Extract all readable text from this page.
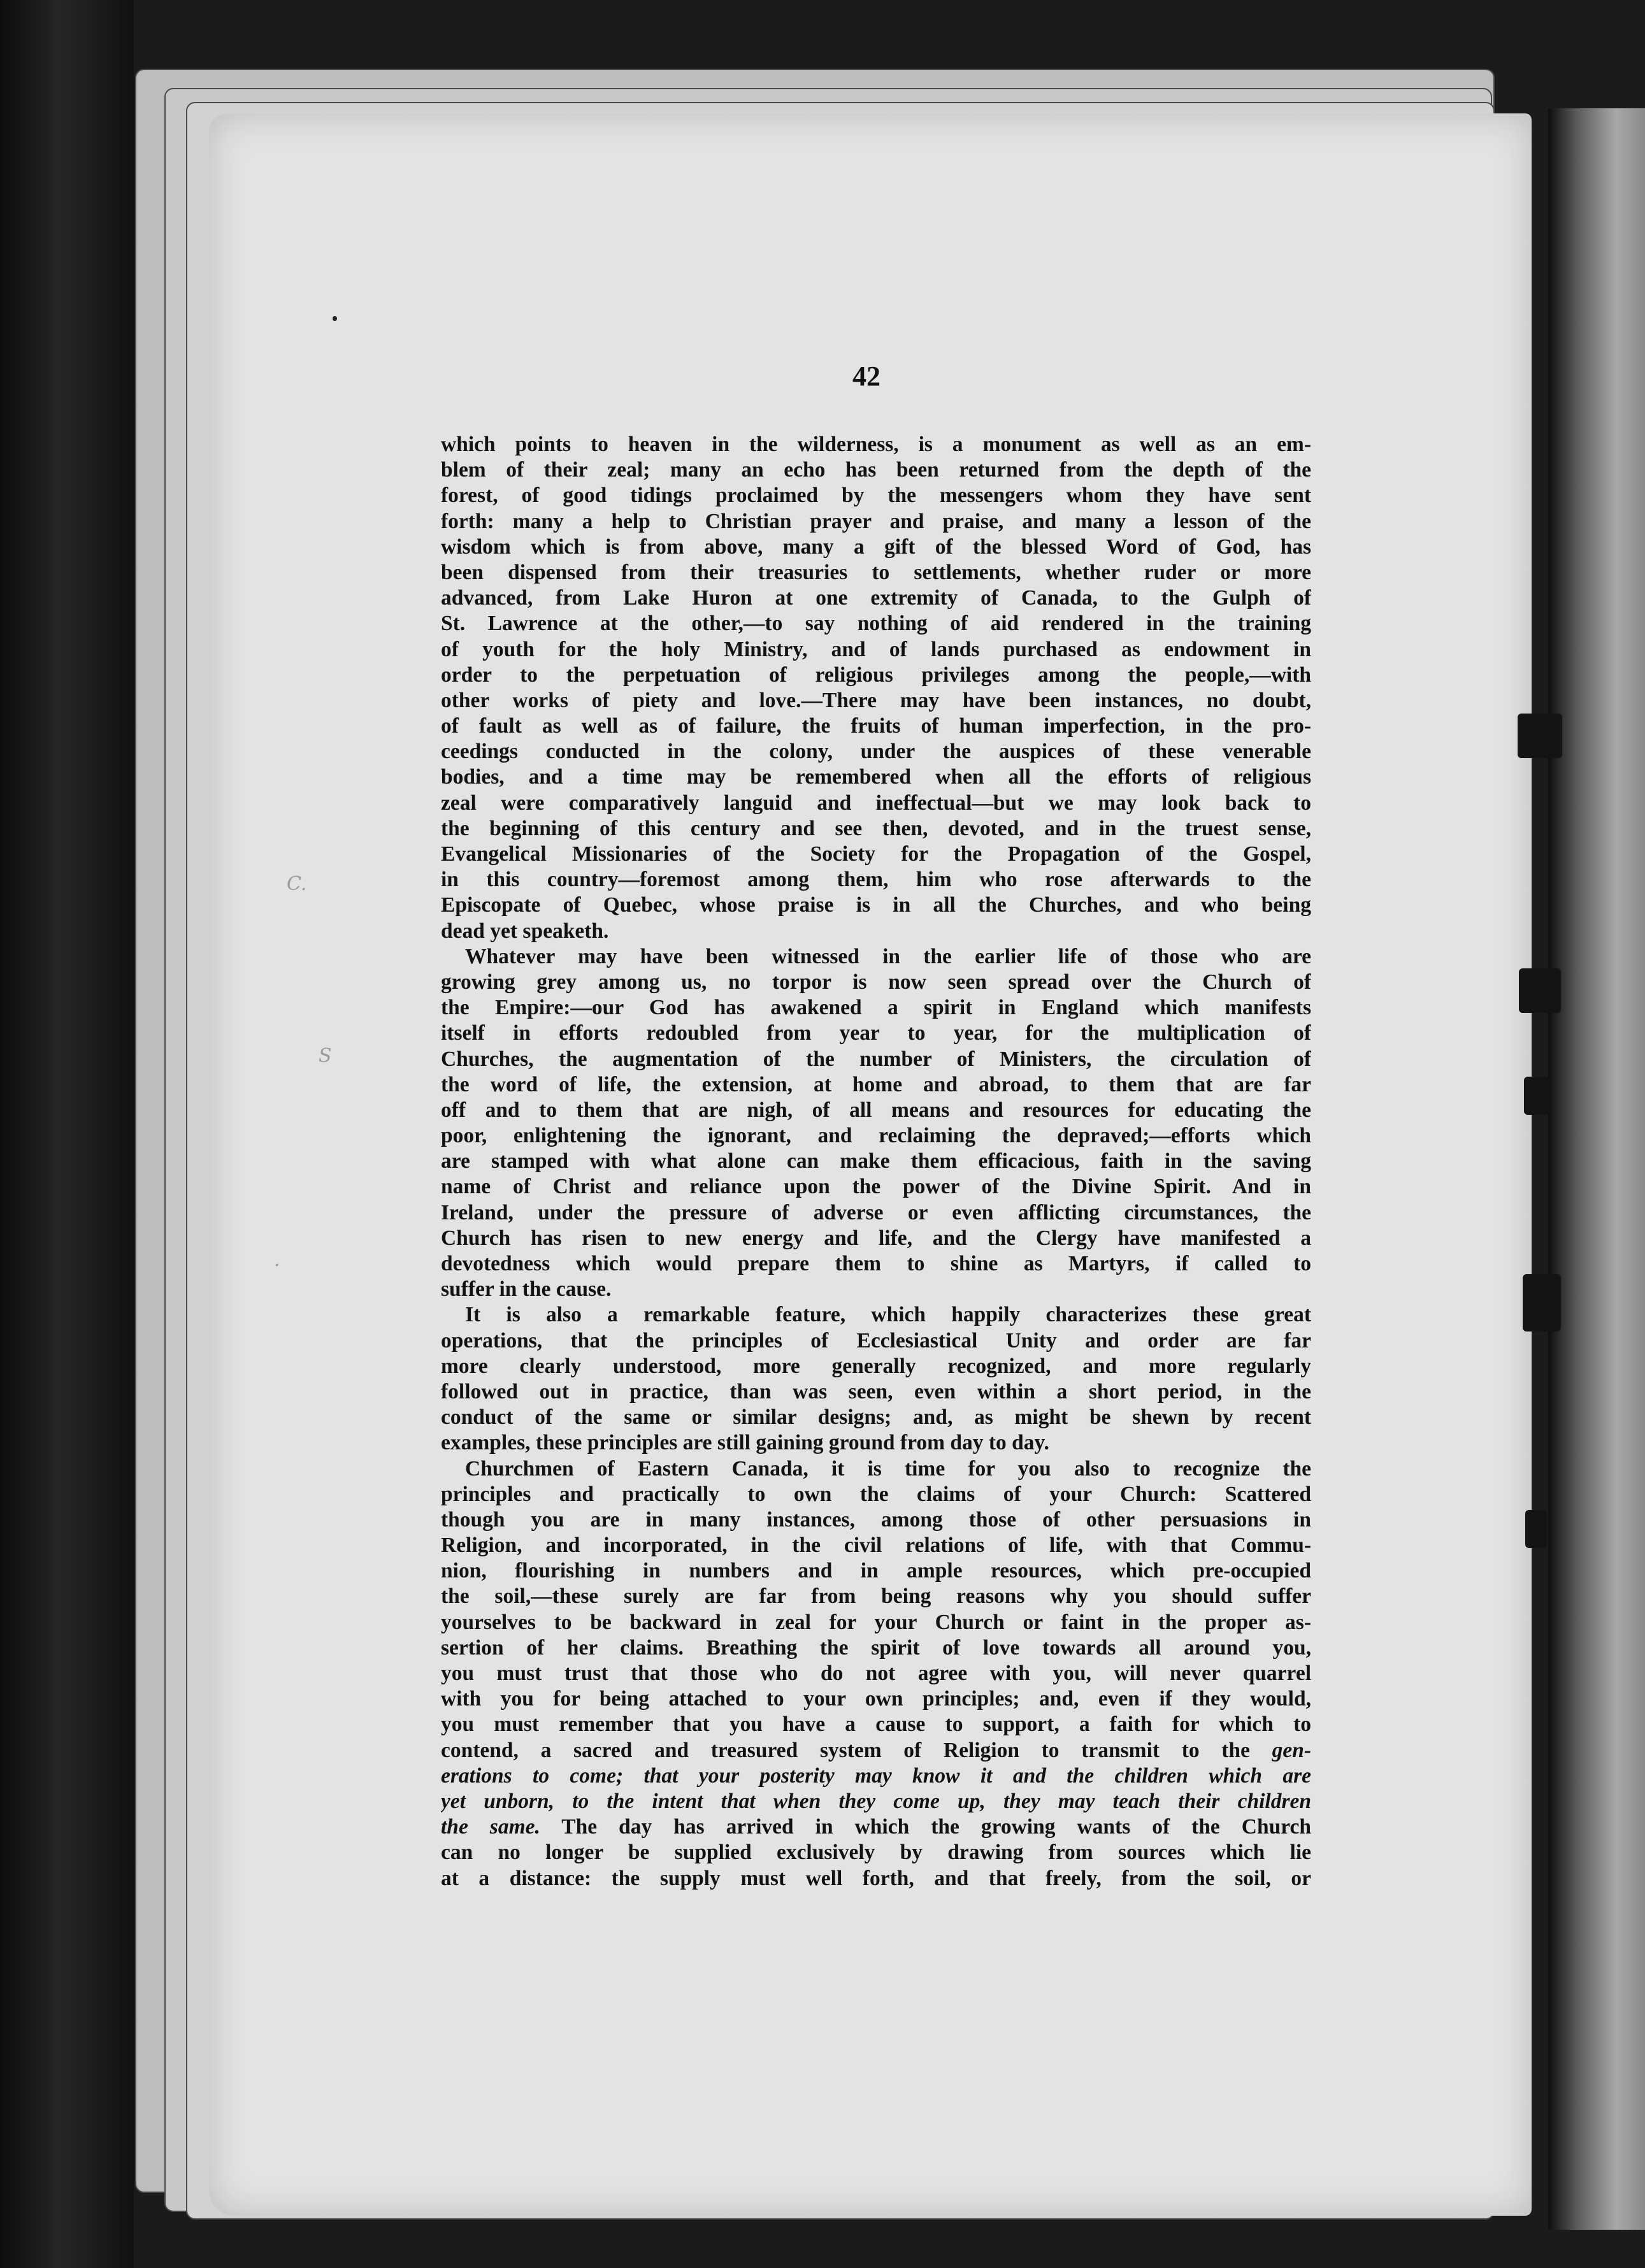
C.
S
.
42
which points to heaven in the wilderness, is a monument as well as an em-
blem of their zeal; many an echo has been returned from the depth of the
forest, of good tidings proclaimed by the messengers whom they have sent
forth: many a help to Christian prayer and praise, and many a lesson of the
wisdom which is from above, many a gift of the blessed Word of God, has
been dispensed from their treasuries to settlements, whether ruder or more
advanced, from Lake Huron at one extremity of Canada, to the Gulph of
St. Lawrence at the other,—to say nothing of aid rendered in the training
of youth for the holy Ministry, and of lands purchased as endowment in
order to the perpetuation of religious privileges among the people,—with
other works of piety and love.—There may have been instances, no doubt,
of fault as well as of failure, the fruits of human imperfection, in the pro-
ceedings conducted in the colony, under the auspices of these venerable
bodies, and a time may be remembered when all the efforts of religious
zeal were comparatively languid and ineffectual—but we may look back to
the beginning of this century and see then, devoted, and in the truest sense,
Evangelical Missionaries of the Society for the Propagation of the Gospel,
in this country—foremost among them, him who rose afterwards to the
Episcopate of Quebec, whose praise is in all the Churches, and who being
dead yet speaketh.
Whatever may have been witnessed in the earlier life of those who are
growing grey among us, no torpor is now seen spread over the Church of
the Empire:—our God has awakened a spirit in England which manifests
itself in efforts redoubled from year to year, for the multiplication of
Churches, the augmentation of the number of Ministers, the circulation of
the word of life, the extension, at home and abroad, to them that are far
off and to them that are nigh, of all means and resources for educating the
poor, enlightening the ignorant, and reclaiming the depraved;—efforts which
are stamped with what alone can make them efficacious, faith in the saving
name of Christ and reliance upon the power of the Divine Spirit. And in
Ireland, under the pressure of adverse or even afflicting circumstances, the
Church has risen to new energy and life, and the Clergy have manifested a
devotedness which would prepare them to shine as Martyrs, if called to
suffer in the cause.
It is also a remarkable feature, which happily characterizes these great
operations, that the principles of Ecclesiastical Unity and order are far
more clearly understood, more generally recognized, and more regularly
followed out in practice, than was seen, even within a short period, in the
conduct of the same or similar designs; and, as might be shewn by recent
examples, these principles are still gaining ground from day to day.
Churchmen of Eastern Canada, it is time for you also to recognize the
principles and practically to own the claims of your Church: Scattered
though you are in many instances, among those of other persuasions in
Religion, and incorporated, in the civil relations of life, with that Commu-
nion, flourishing in numbers and in ample resources, which pre-occupied
the soil,—these surely are far from being reasons why you should suffer
yourselves to be backward in zeal for your Church or faint in the proper as-
sertion of her claims. Breathing the spirit of love towards all around you,
you must trust that those who do not agree with you, will never quarrel
with you for being attached to your own principles; and, even if they would,
you must remember that you have a cause to support, a faith for which to
contend, a sacred and treasured system of Religion to transmit to the gen-
erations to come; that your posterity may know it and the children which are
yet unborn, to the intent that when they come up, they may teach their children
the same. The day has arrived in which the growing wants of the Church
can no longer be supplied exclusively by drawing from sources which lie
at a distance: the supply must well forth, and that freely, from the soil, or
